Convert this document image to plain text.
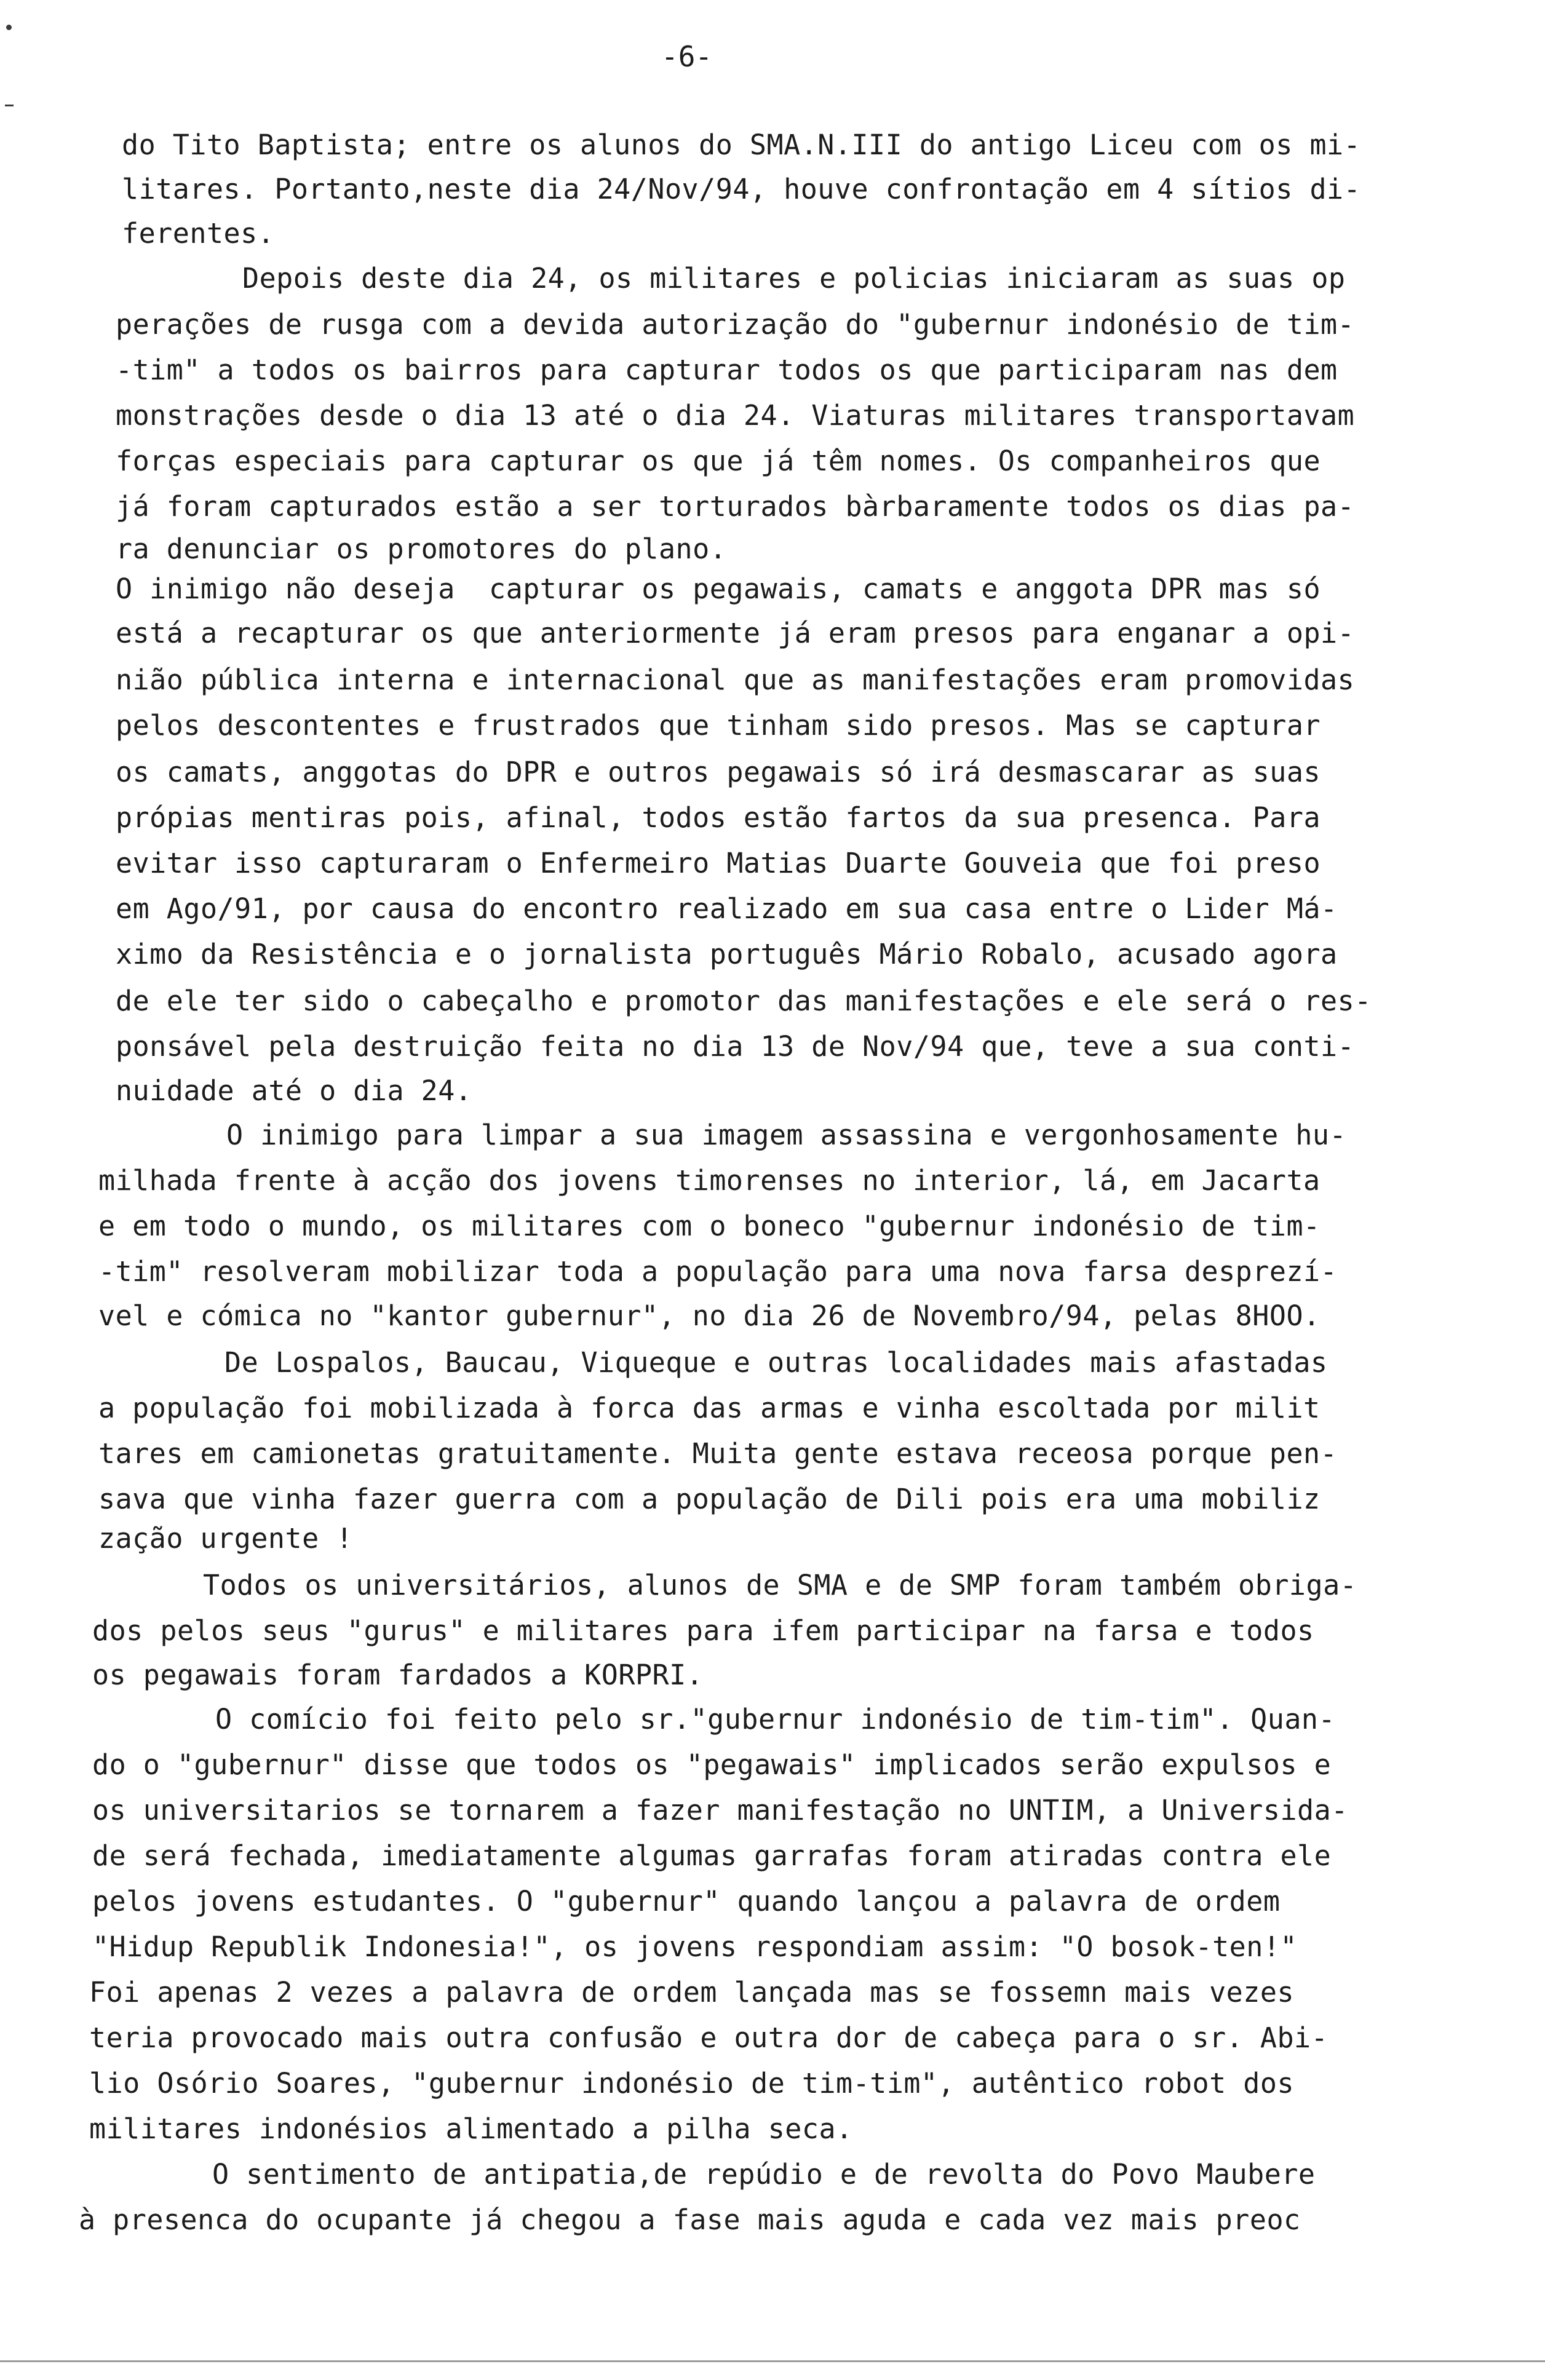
-6-
do Tito Baptista; entre os alunos do SMA.N.III do antigo Liceu com os mi-
litares. Portanto,neste dia 24/Nov/94, houve confrontação em 4 sítios di-
ferentes.
Depois deste dia 24, os militares e policias iniciaram as suas op
perações de rusga com a devida autorização do "gubernur indonésio de tim-
-tim" a todos os bairros para capturar todos os que participaram nas dem
monstrações desde o dia 13 até o dia 24. Viaturas militares transportavam
forças especiais para capturar os que já têm nomes. Os companheiros que
já foram capturados estão a ser torturados bàrbaramente todos os dias pa-
ra denunciar os promotores do plano.
O inimigo não deseja  capturar os pegawais, camats e anggota DPR mas só
está a recapturar os que anteriormente já eram presos para enganar a opi-
nião pública interna e internacional que as manifestações eram promovidas
pelos descontentes e frustrados que tinham sido presos. Mas se capturar
os camats, anggotas do DPR e outros pegawais só irá desmascarar as suas
própias mentiras pois, afinal, todos estão fartos da sua presenca. Para
evitar isso capturaram o Enfermeiro Matias Duarte Gouveia que foi preso
em Ago/91, por causa do encontro realizado em sua casa entre o Lider Má-
ximo da Resistência e o jornalista português Mário Robalo, acusado agora
de ele ter sido o cabeçalho e promotor das manifestações e ele será o res-
ponsável pela destruição feita no dia 13 de Nov/94 que, teve a sua conti-
nuidade até o dia 24.
O inimigo para limpar a sua imagem assassina e vergonhosamente hu-
milhada frente à acção dos jovens timorenses no interior, lá, em Jacarta
e em todo o mundo, os militares com o boneco "gubernur indonésio de tim-
-tim" resolveram mobilizar toda a população para uma nova farsa desprezí-
vel e cómica no "kantor gubernur", no dia 26 de Novembro/94, pelas 8HOO.
De Lospalos, Baucau, Viqueque e outras localidades mais afastadas
a população foi mobilizada à forca das armas e vinha escoltada por milit
tares em camionetas gratuitamente. Muita gente estava receosa porque pen-
sava que vinha fazer guerra com a população de Dili pois era uma mobiliz
zação urgente !
Todos os universitários, alunos de SMA e de SMP foram também obriga-
dos pelos seus "gurus" e militares para ifem participar na farsa e todos
os pegawais foram fardados a KORPRI.
O comício foi feito pelo sr."gubernur indonésio de tim-tim". Quan-
do o "gubernur" disse que todos os "pegawais" implicados serão expulsos e
os universitarios se tornarem a fazer manifestação no UNTIM, a Universida-
de será fechada, imediatamente algumas garrafas foram atiradas contra ele
pelos jovens estudantes. O "gubernur" quando lançou a palavra de ordem
"Hidup Republik Indonesia!", os jovens respondiam assim: "O bosok-ten!"
Foi apenas 2 vezes a palavra de ordem lançada mas se fossemn mais vezes
teria provocado mais outra confusão e outra dor de cabeça para o sr. Abi-
lio Osório Soares, "gubernur indonésio de tim-tim", autêntico robot dos
militares indonésios alimentado a pilha seca.
O sentimento de antipatia,de repúdio e de revolta do Povo Maubere
à presenca do ocupante já chegou a fase mais aguda e cada vez mais preoc
